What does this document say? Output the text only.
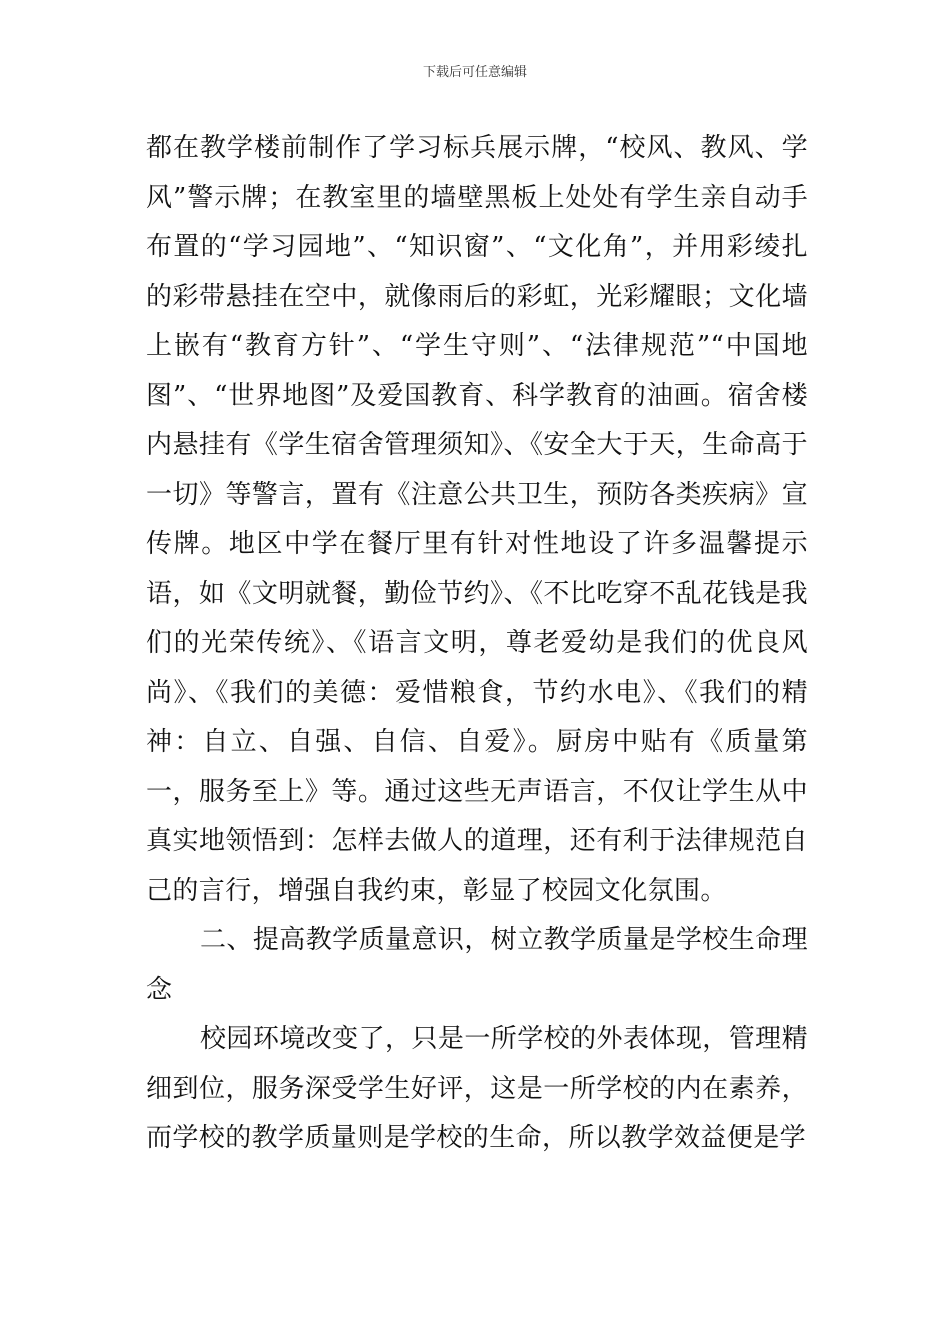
下载后可任意编辑

都在教学楼前制作了学习标兵展示牌，“校风、教风、学风”警示牌；在教室里的墙壁黑板上处处有学生亲自动手布置的“学习园地”、“知识窗”、“文化角”，并用彩绫扎的彩带悬挂在空中，就像雨后的彩虹，光彩耀眼；文化墙上嵌有“教育方针”、“学生守则”、“法律规范”“中国地图”、“世界地图”及爱国教育、科学教育的油画。宿舍楼内悬挂有《学生宿舍管理须知》、《安全大于天，生命高于一切》等警言，置有《注意公共卫生，预防各类疾病》宣传牌。地区中学在餐厅里有针对性地设了许多温馨提示语，如《文明就餐，勤俭节约》、《不比吃穿不乱花钱是我们的光荣传统》、《语言文明，尊老爱幼是我们的优良风尚》、《我们的美德：爱惜粮食，节约水电》、《我们的精神：自立、自强、自信、自爱》。厨房中贴有《质量第一，服务至上》等。通过这些无声语言，不仅让学生从中真实地领悟到：怎样去做人的道理，还有利于法律规范自己的言行，增强自我约束，彰显了校园文化氛围。

二、提高教学质量意识，树立教学质量是学校生命理念

校园环境改变了，只是一所学校的外表体现，管理精细到位，服务深受学生好评，这是一所学校的内在素养，而学校的教学质量则是学校的生命，所以教学效益便是学
